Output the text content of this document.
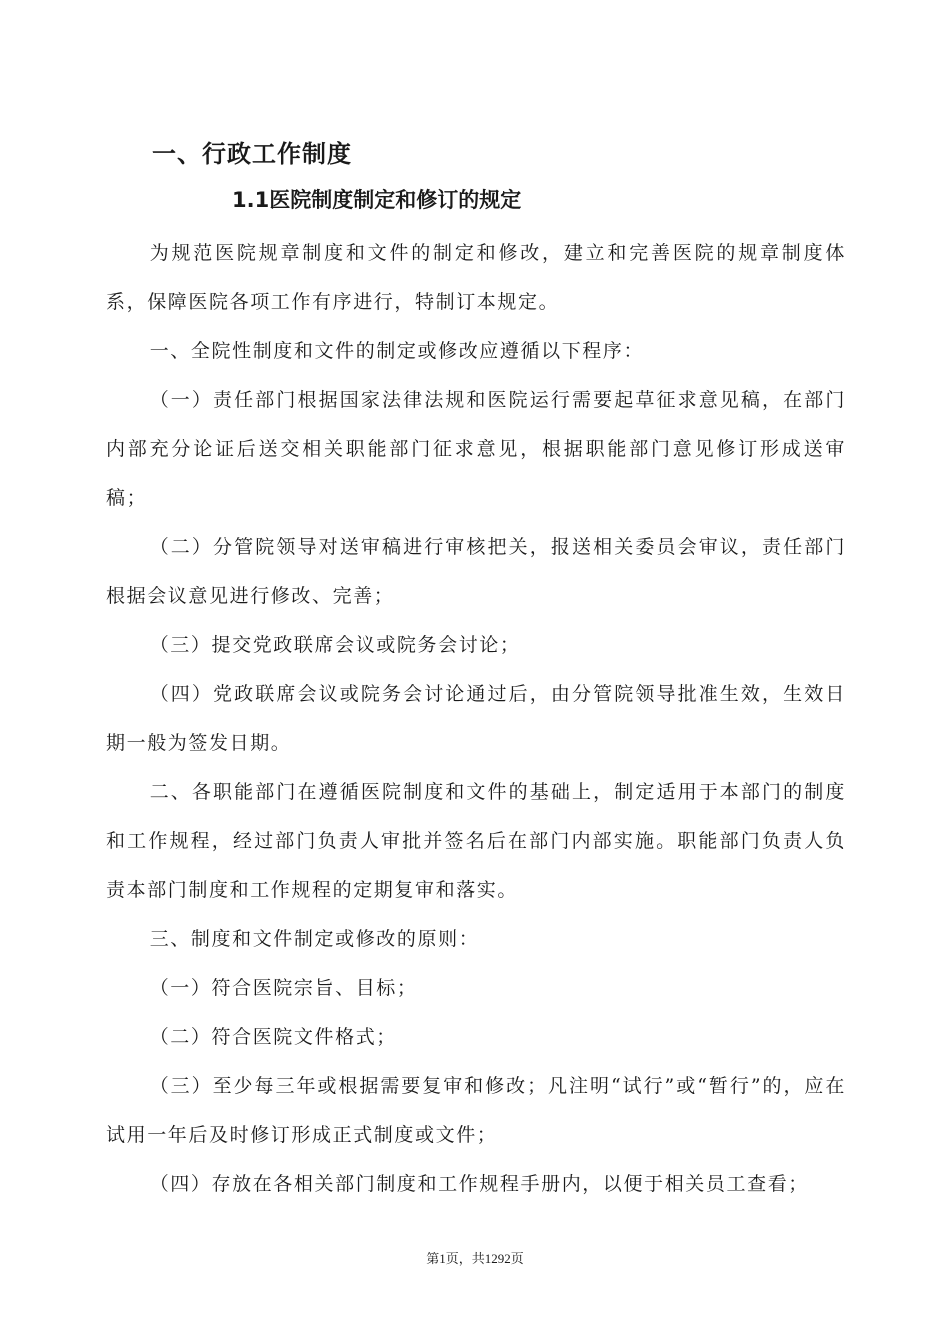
一、行政工作制度
1.1医院制度制定和修订的规定

为规范医院规章制度和文件的制定和修改，建立和完善医院的规章制度体系，保障医院各项工作有序进行，特制订本规定。

一、全院性制度和文件的制定或修改应遵循以下程序：

（一）责任部门根据国家法律法规和医院运行需要起草征求意见稿，在部门内部充分论证后送交相关职能部门征求意见，根据职能部门意见修订形成送审稿；

（二）分管院领导对送审稿进行审核把关，报送相关委员会审议，责任部门根据会议意见进行修改、完善；

（三）提交党政联席会议或院务会讨论；

（四）党政联席会议或院务会讨论通过后，由分管院领导批准生效，生效日期一般为签发日期。

二、各职能部门在遵循医院制度和文件的基础上，制定适用于本部门的制度和工作规程，经过部门负责人审批并签名后在部门内部实施。职能部门负责人负责本部门制度和工作规程的定期复审和落实。

三、制度和文件制定或修改的原则：

（一）符合医院宗旨、目标；

（二）符合医院文件格式；

（三）至少每三年或根据需要复审和修改；凡注明“试行”或“暂行”的，应在试用一年后及时修订形成正式制度或文件；

（四）存放在各相关部门制度和工作规程手册内，以便于相关员工查看；

第1页，共1292页
